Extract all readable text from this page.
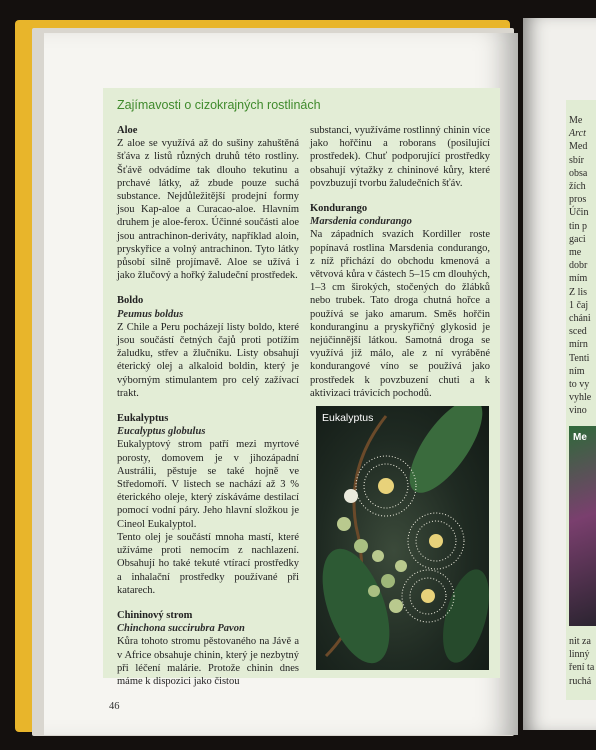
Me
Arct
Med
sbír
obsa
žích
pros
Účin
tin p
gaci
me
dobr
mím
Z lis
1 čaj
cháni
sced
mírn
Tenti
ním
to vy
vyhle
vino
Me
nit za
linný
ření ta
ruchá
Zajímavosti o cizokrajných rostlinách
Aloe

Z aloe se využívá až do sušiny zahuštěná šťáva z listů různých druhů této rostliny. Šťávě odvádíme tak dlouho tekutinu a prchavé látky, až zbude pouze suchá substance. Nejdůležitější prodejní formy jsou Kap-aloe a Curacao-aloe. Hlavním druhem je aloe-ferox. Účinné součásti aloe jsou antrachinon-deriváty, například aloin, pryskyřice a volný antrachinon. Tyto látky působí silně projímavě. Aloe se užívá i jako žlučový a hořký žaludeční prostředek.

Boldo
Peumus boldus

Z Chile a Peru pocházejí listy boldo, které jsou součástí četných čajů proti potížím žaludku, střev a žlučníku. Listy obsahují éterický olej a alkaloid boldin, který je výborným stimulantem pro celý zažívací trakt.

Eukalyptus
Eucalyptus globulus

Eukalyptový strom patří mezi myrtové porosty, domovem je v jihozápadní Austrálii, pěstuje se také hojně ve Středomoří. V listech se nachází až 3 % éterického oleje, který získáváme destilací pomocí vodní páry. Jeho hlavní složkou je Cineol Eukalyptol.

Tento olej je součástí mnoha mastí, které užíváme proti nemocím z nachlazení. Obsahují ho také tekuté vtírací prostředky a inhalační prostředky používané při katarech.

Chininový strom
Chinchona succirubra Pavon

Kůra tohoto stromu pěstovaného na Jávě a v Africe obsahuje chinin, který je nezbytný při léčení malárie. Protože chinin dnes máme k dispozici jako čistou

substanci, využíváme rostlinný chinin více jako hořčinu a roborans (posilující prostředek). Chuť podporující prostředky obsahují výtažky z chininové kůry, které povzbuzují tvorbu žaludečních šťáv.

Kondurango
Marsdenia condurango

Na západních svazích Kordiller roste popínavá rostlina Marsdenia condurango, z níž přichází do obchodu kmenová a větvová kůra v částech 5–15 cm dlouhých, 1–3 cm širokých, stočených do žlábků nebo trubek. Tato droga chutná hořce a používá se jako amarum. Směs hořčin konduranginu a pryskyřičný glykosid je nejúčinnější látkou. Samotná droga se využívá již málo, ale z ní vyráběné kondurangové víno se používá jako prostředek k povzbuzení chuti a k aktivizaci trávicích pochodů.

Eukalyptus
46
